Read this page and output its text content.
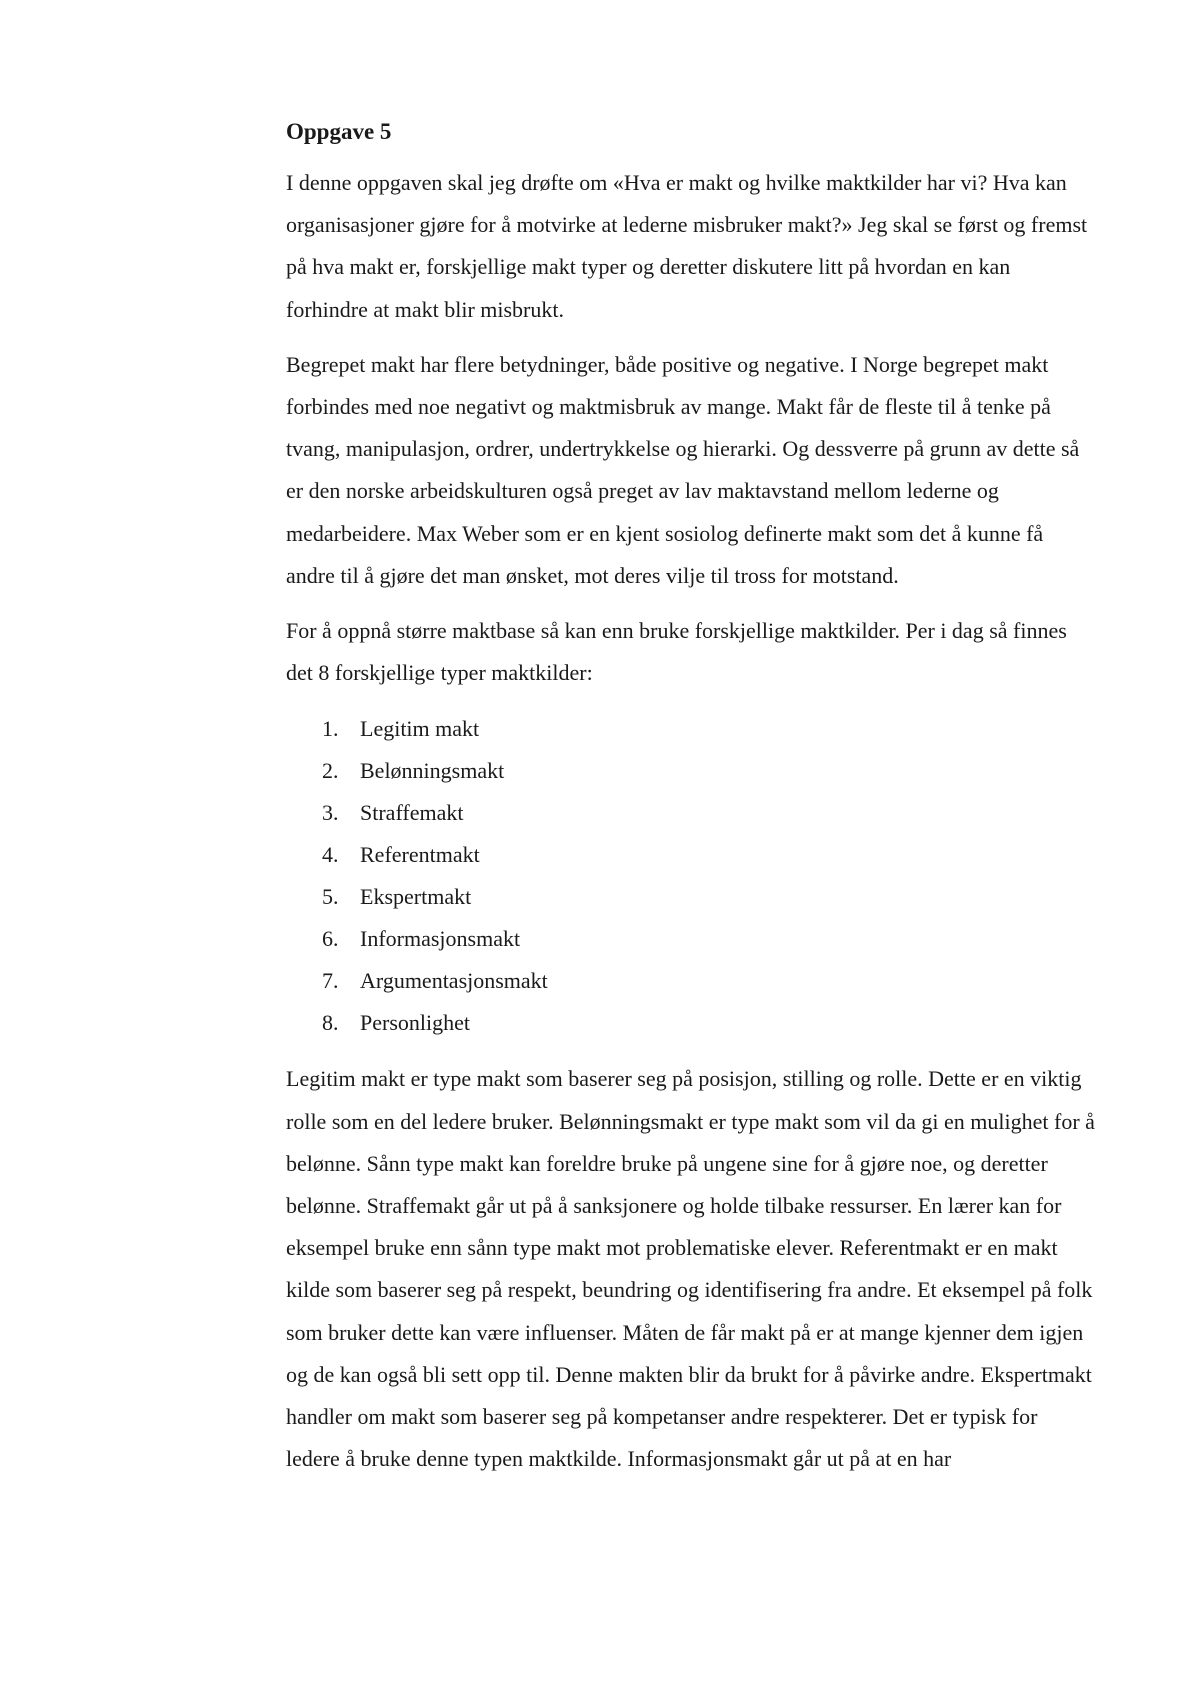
Oppgave 5

I denne oppgaven skal jeg drøfte om «Hva er makt og hvilke maktkilder har vi? Hva kan organisasjoner gjøre for å motvirke at lederne misbruker makt?» Jeg skal se først og fremst på hva makt er, forskjellige makt typer og deretter diskutere litt på hvordan en kan forhindre at makt blir misbrukt.

Begrepet makt har flere betydninger, både positive og negative. I Norge begrepet makt forbindes med noe negativt og maktmisbruk av mange. Makt får de fleste til å tenke på tvang, manipulasjon, ordrer, undertrykkelse og hierarki. Og dessverre på grunn av dette så er den norske arbeidskulturen også preget av lav maktavstand mellom lederne og medarbeidere. Max Weber som er en kjent sosiolog definerte makt som det å kunne få andre til å gjøre det man ønsket, mot deres vilje til tross for motstand.

For å oppnå større maktbase så kan enn bruke forskjellige maktkilder. Per i dag så finnes det 8 forskjellige typer maktkilder:

1. Legitim makt
2. Belønningsmakt
3. Straffemakt
4. Referentmakt
5. Ekspertmakt
6. Informasjonsmakt
7. Argumentasjonsmakt
8. Personlighet

Legitim makt er type makt som baserer seg på posisjon, stilling og rolle. Dette er en viktig rolle som en del ledere bruker. Belønningsmakt er type makt som vil da gi en mulighet for å belønne. Sånn type makt kan foreldre bruke på ungene sine for å gjøre noe, og deretter belønne. Straffemakt går ut på å sanksjonere og holde tilbake ressurser. En lærer kan for eksempel bruke enn sånn type makt mot problematiske elever. Referentmakt er en makt kilde som baserer seg på respekt, beundring og identifisering fra andre. Et eksempel på folk som bruker dette kan være influenser. Måten de får makt på er at mange kjenner dem igjen og de kan også bli sett opp til. Denne makten blir da brukt for å påvirke andre. Ekspertmakt handler om makt som baserer seg på kompetanser andre respekterer. Det er typisk for ledere å bruke denne typen maktkilde. Informasjonsmakt går ut på at en har
